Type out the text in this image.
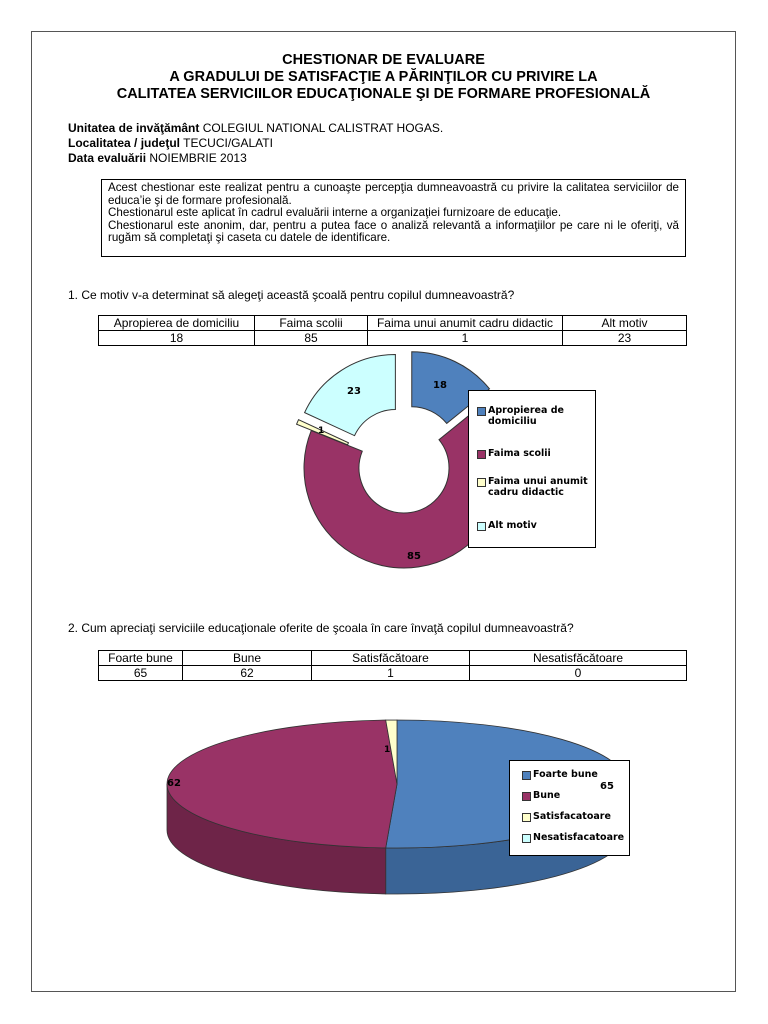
CHESTIONAR DE EVALUARE
A GRADULUI DE SATISFACŢIE A PĂRINŢILOR CU PRIVIRE LA
CALITATEA SERVICIILOR EDUCAŢIONALE ŞI DE FORMARE PROFESIONALĂ
Unitatea de invăţământ COLEGIUL NATIONAL CALISTRAT HOGAS.
Localitatea / judeţul TECUCI/GALATI
Data evaluării NOIEMBRIE 2013

Acest chestionar este realizat pentru a cunoaşte percepţia dumneavoastră cu privire la calitatea serviciilor de educa’ie şi de formare profesională.

Chestionarul este aplicat în cadrul evaluării interne a organizaţiei furnizoare de educaţie.

Chestionarul este anonim, dar, pentru a putea face o analiză relevantă a informaţiilor pe care ni le oferiţi, vă rugăm să completaţi şi caseta cu datele de identificare.

1. Ce motiv v-a determinat să alegeţi această şcoală pentru copilul dumneavoastră?
Apropierea de domiciliu	Faima scolii	Faima unui anumit cadru didactic	Alt motiv
18	85	1	23
Apropierea de domiciliu
Faima scolii
Faima unui anumit cadru didactic
Alt motiv
18
85
1
23
2. Cum apreciaţi serviciile educaţionale oferite de şcoala în care învaţă copilul dumneavoastră?
Foarte bune	Bune	Satisfăcătoare	Nesatisfăcătoare
65	62	1	0
Foarte bune
Bune
Satisfacatoare
Nesatisfacatoare
65
62
1
